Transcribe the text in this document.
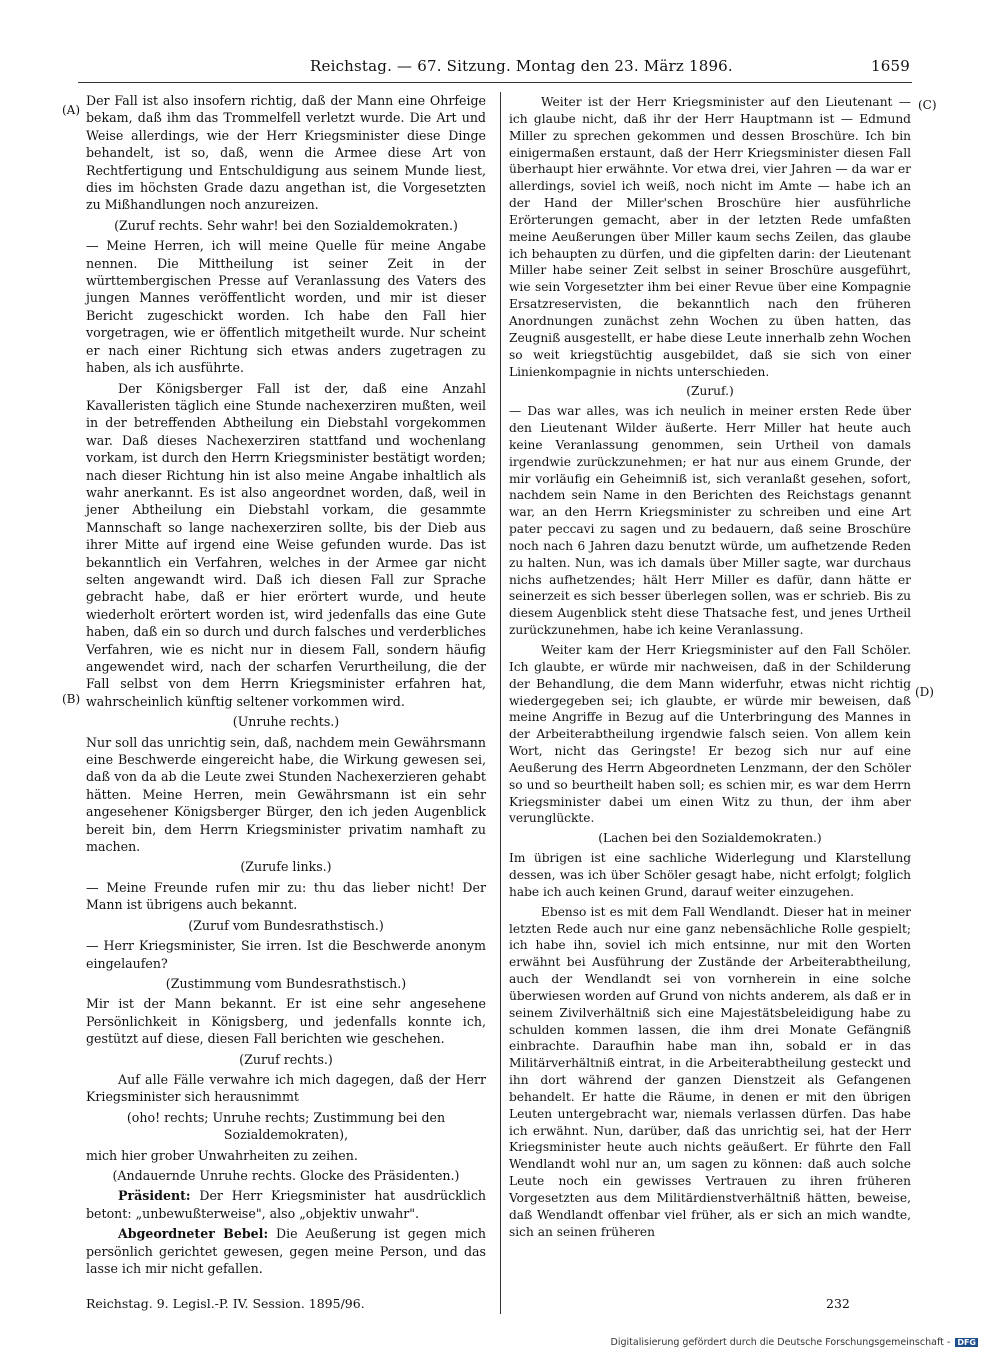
Reichstag. — 67. Sitzung. Montag den 23. März 1896.	1659
(A)
(B)
(C)
(D)
Der Fall ist also insofern richtig, daß der Mann eine Ohrfeige bekam, daß ihm das Trommelfell verletzt wurde. Die Art und Weise allerdings, wie der Herr Kriegsminister diese Dinge behandelt, ist so, daß, wenn die Armee diese Art von Rechtfertigung und Entschuldigung aus seinem Munde liest, dies im höchsten Grade dazu angethan ist, die Vorgesetzten zu Mißhandlungen noch anzureizen.
(Zuruf rechts. Sehr wahr! bei den Sozialdemokraten.)
— Meine Herren, ich will meine Quelle für meine Angabe nennen. Die Mittheilung ist seiner Zeit in der württembergischen Presse auf Veranlassung des Vaters des jungen Mannes veröffentlicht worden, und mir ist dieser Bericht zugeschickt worden. Ich habe den Fall hier vorgetragen, wie er öffentlich mitgetheilt wurde. Nur scheint er nach einer Richtung sich etwas anders zugetragen zu haben, als ich ausführte.
Der Königsberger Fall ist der, daß eine Anzahl Kavalleristen täglich eine Stunde nachexerziren mußten, weil in der betreffenden Abtheilung ein Diebstahl vorgekommen war. Daß dieses Nachexerziren stattfand und wochenlang vorkam, ist durch den Herrn Kriegsminister bestätigt worden; nach dieser Richtung hin ist also meine Angabe inhaltlich als wahr anerkannt. Es ist also angeordnet worden, daß, weil in jener Abtheilung ein Diebstahl vorkam, die gesammte Mannschaft so lange nachexerziren sollte, bis der Dieb aus ihrer Mitte auf irgend eine Weise gefunden wurde. Das ist bekanntlich ein Verfahren, welches in der Armee gar nicht selten angewandt wird. Daß ich diesen Fall zur Sprache gebracht habe, daß er hier erörtert wurde, und heute wiederholt erörtert worden ist, wird jedenfalls das eine Gute haben, daß ein so durch und durch falsches und verderbliches Verfahren, wie es nicht nur in diesem Fall, sondern häufig angewendet wird, nach der scharfen Verurtheilung, die der Fall selbst von dem Herrn Kriegsminister erfahren hat, wahrscheinlich künftig seltener vorkommen wird.
(Unruhe rechts.)
Nur soll das unrichtig sein, daß, nachdem mein Gewährsmann eine Beschwerde eingereicht habe, die Wirkung gewesen sei, daß von da ab die Leute zwei Stunden Nachexerzieren gehabt hätten. Meine Herren, mein Gewährsmann ist ein sehr angesehener Königsberger Bürger, den ich jeden Augenblick bereit bin, dem Herrn Kriegsminister privatim namhaft zu machen.
(Zurufe links.)
— Meine Freunde rufen mir zu: thu das lieber nicht! Der Mann ist übrigens auch bekannt.
(Zuruf vom Bundesrathstisch.)
— Herr Kriegsminister, Sie irren. Ist die Beschwerde anonym eingelaufen?
(Zustimmung vom Bundesrathstisch.)
Mir ist der Mann bekannt. Er ist eine sehr angesehene Persönlichkeit in Königsberg, und jedenfalls konnte ich, gestützt auf diese, diesen Fall berichten wie geschehen.
(Zuruf rechts.)
Auf alle Fälle verwahre ich mich dagegen, daß der Herr Kriegsminister sich herausnimmt
(oho! rechts; Unruhe rechts; Zustimmung bei den Sozialdemokraten),
mich hier grober Unwahrheiten zu zeihen.
(Andauernde Unruhe rechts. Glocke des Präsidenten.)
Präsident: Der Herr Kriegsminister hat ausdrücklich betont: „unbewußterweise", also „objektiv unwahr".
Abgeordneter Bebel: Die Aeußerung ist gegen mich persönlich gerichtet gewesen, gegen meine Person, und das lasse ich mir nicht gefallen.
Weiter ist der Herr Kriegsminister auf den Lieutenant — ich glaube nicht, daß ihr der Herr Hauptmann ist — Edmund Miller zu sprechen gekommen und dessen Broschüre. Ich bin einigermaßen erstaunt, daß der Herr Kriegsminister diesen Fall überhaupt hier erwähnte. Vor etwa drei, vier Jahren — da war er allerdings, soviel ich weiß, noch nicht im Amte — habe ich an der Hand der Miller'schen Broschüre hier ausführliche Erörterungen gemacht, aber in der letzten Rede umfaßten meine Aeußerungen über Miller kaum sechs Zeilen, das glaube ich behaupten zu dürfen, und die gipfelten darin: der Lieutenant Miller habe seiner Zeit selbst in seiner Broschüre ausgeführt, wie sein Vorgesetzter ihm bei einer Revue über eine Kompagnie Ersatzreservisten, die bekanntlich nach den früheren Anordnungen zunächst zehn Wochen zu üben hatten, das Zeugniß ausgestellt, er habe diese Leute innerhalb zehn Wochen so weit kriegstüchtig ausgebildet, daß sie sich von einer Linienkompagnie in nichts unterschieden.
(Zuruf.)
— Das war alles, was ich neulich in meiner ersten Rede über den Lieutenant Wilder äußerte. Herr Miller hat heute auch keine Veranlassung genommen, sein Urtheil von damals irgendwie zurückzunehmen; er hat nur aus einem Grunde, der mir vorläufig ein Geheimniß ist, sich veranlaßt gesehen, sofort, nachdem sein Name in den Berichten des Reichstags genannt war, an den Herrn Kriegsminister zu schreiben und eine Art pater peccavi zu sagen und zu bedauern, daß seine Broschüre noch nach 6 Jahren dazu benutzt würde, um aufhetzende Reden zu halten. Nun, was ich damals über Miller sagte, war durchaus nichs aufhetzendes; hält Herr Miller es dafür, dann hätte er seinerzeit es sich besser überlegen sollen, was er schrieb. Bis zu diesem Augenblick steht diese Thatsache fest, und jenes Urtheil zurückzunehmen, habe ich keine Veranlassung.
Weiter kam der Herr Kriegsminister auf den Fall Schöler. Ich glaubte, er würde mir nachweisen, daß in der Schilderung der Behandlung, die dem Mann widerfuhr, etwas nicht richtig wiedergegeben sei; ich glaubte, er würde mir beweisen, daß meine Angriffe in Bezug auf die Unterbringung des Mannes in der Arbeiterabtheilung irgendwie falsch seien. Von allem kein Wort, nicht das Geringste! Er bezog sich nur auf eine Aeußerung des Herrn Abgeordneten Lenzmann, der den Schöler so und so beurtheilt haben soll; es schien mir, es war dem Herrn Kriegsminister dabei um einen Witz zu thun, der ihm aber verunglückte.
(Lachen bei den Sozialdemokraten.)
Im übrigen ist eine sachliche Widerlegung und Klarstellung dessen, was ich über Schöler gesagt habe, nicht erfolgt; folglich habe ich auch keinen Grund, darauf weiter einzugehen.
Ebenso ist es mit dem Fall Wendlandt. Dieser hat in meiner letzten Rede auch nur eine ganz nebensächliche Rolle gespielt; ich habe ihn, soviel ich mich entsinne, nur mit den Worten erwähnt bei Ausführung der Zustände der Arbeiterabtheilung, auch der Wendlandt sei von vornherein in eine solche überwiesen worden auf Grund von nichts anderem, als daß er in seinem Zivilverhältniß sich eine Majestätsbeleidigung habe zu schulden kommen lassen, die ihm drei Monate Gefängniß einbrachte. Daraufhin habe man ihn, sobald er in das Militärverhältniß eintrat, in die Arbeiterabtheilung gesteckt und ihn dort während der ganzen Dienstzeit als Gefangenen behandelt. Er hatte die Räume, in denen er mit den übrigen Leuten untergebracht war, niemals verlassen dürfen. Das habe ich erwähnt. Nun, darüber, daß das unrichtig sei, hat der Herr Kriegsminister heute auch nichts geäußert. Er führte den Fall Wendlandt wohl nur an, um sagen zu können: daß auch solche Leute noch ein gewisses Vertrauen zu ihren früheren Vorgesetzten aus dem Militärdienstverhältniß hätten, beweise, daß Wendlandt offenbar viel früher, als er sich an mich wandte, sich an seinen früheren
Reichstag. 9. Legisl.-P. IV. Session. 1895/96.	232
Digitalisierung gefördert durch die Deutsche Forschungsgemeinschaft - DFG
